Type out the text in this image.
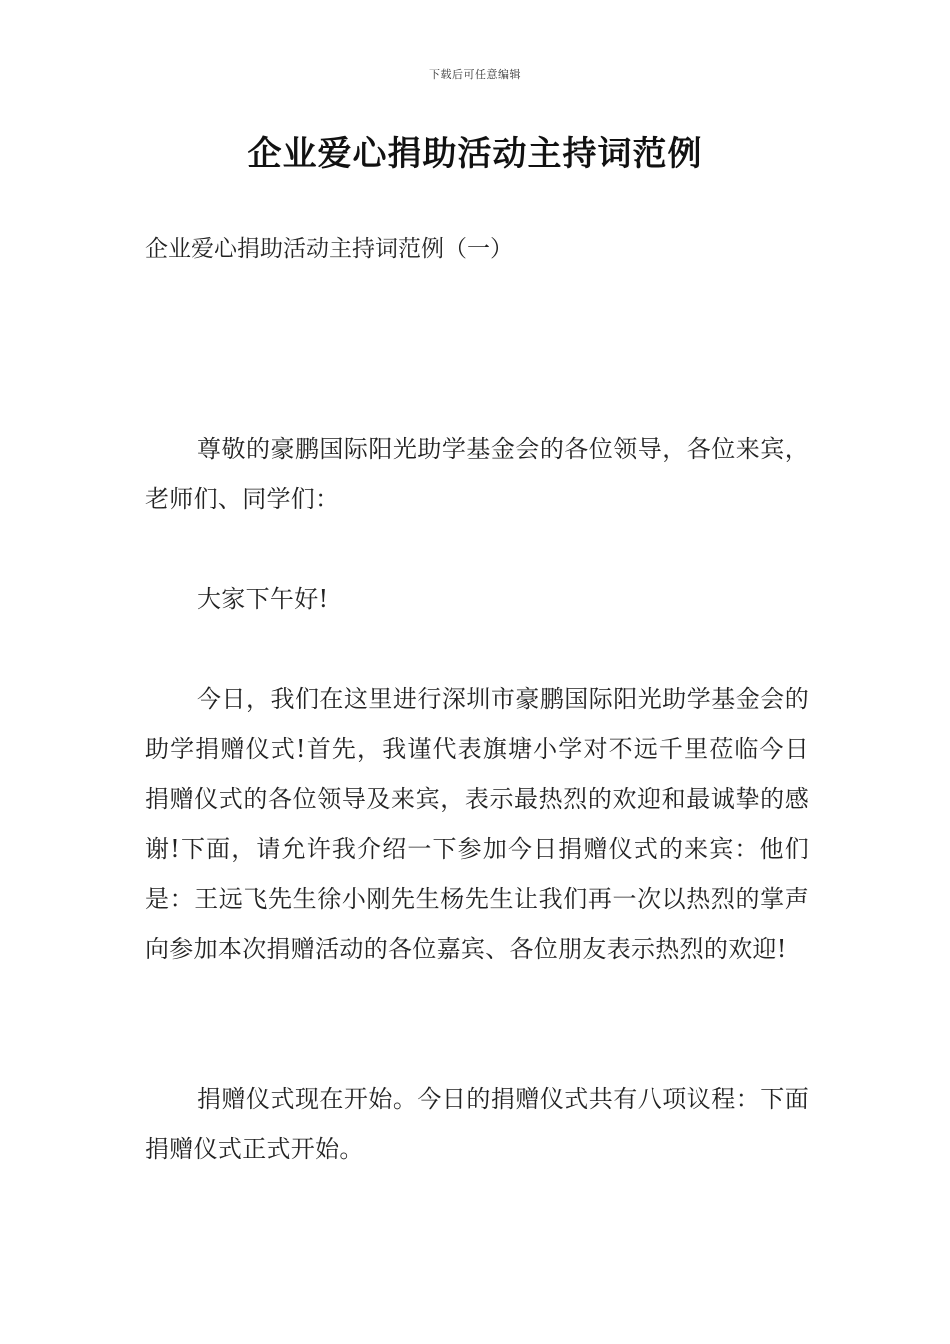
下载后可任意编辑
企业爱心捐助活动主持词范例

企业爱心捐助活动主持词范例（一）

尊敬的豪鹏国际阳光助学基金会的各位领导，各位来宾，老师们、同学们：

大家下午好!

今日，我们在这里进行深圳市豪鹏国际阳光助学基金会的助学捐赠仪式!首先，我谨代表旗塘小学对不远千里莅临今日捐赠仪式的各位领导及来宾，表示最热烈的欢迎和最诚挚的感谢!下面，请允许我介绍一下参加今日捐赠仪式的来宾：他们是：王远飞先生徐小刚先生杨先生让我们再一次以热烈的掌声向参加本次捐赠活动的各位嘉宾、各位朋友表示热烈的欢迎!

捐赠仪式现在开始。今日的捐赠仪式共有八项议程：下面捐赠仪式正式开始。
